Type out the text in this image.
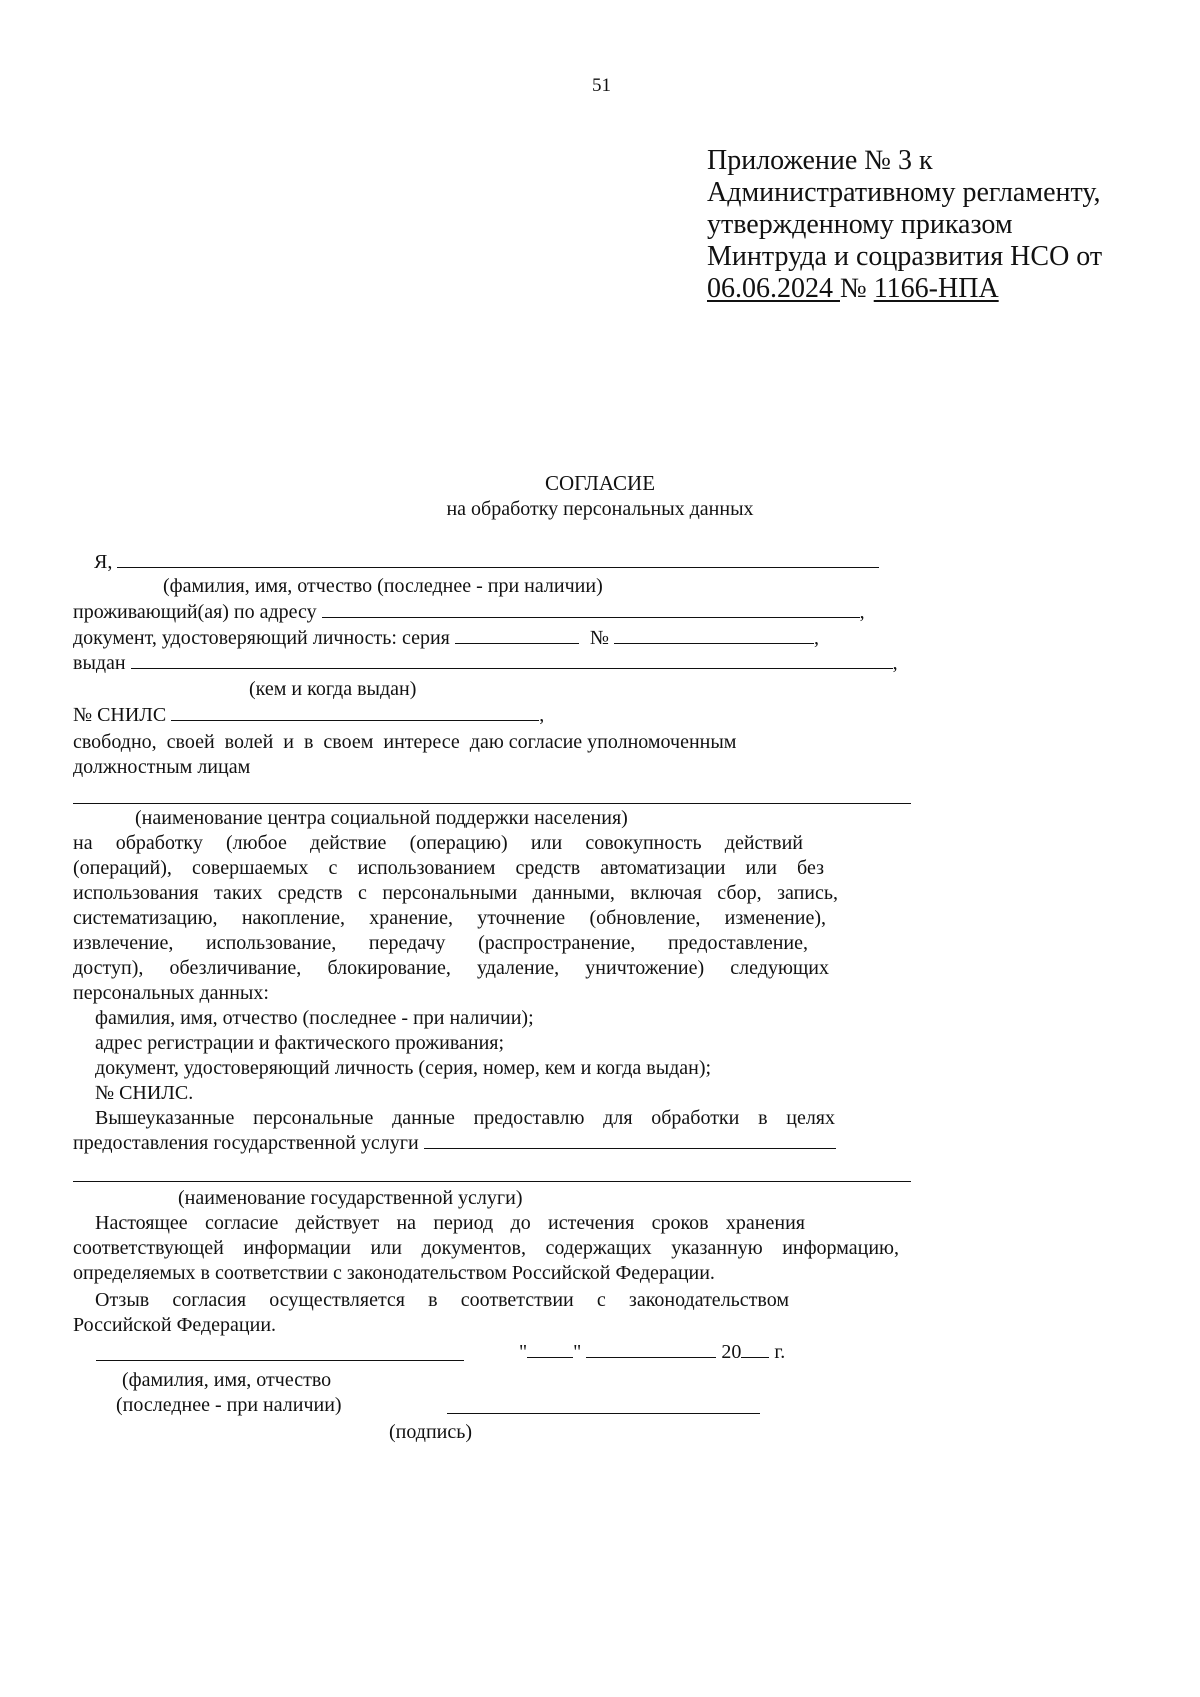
51
Приложение № 3 к
Административному регламенту,
утвержденному приказом
Минтруда и соцразвития НСО от
06.06.2024 № 1166-НПА
СОГЛАСИЕ
на обработку персональных данных
Я,
(фамилия, имя, отчество (последнее - при наличии)
проживающий(ая) по адресу	,
документ, удостоверяющий личность: серия	№	,
выдан	,
(кем и когда выдан)
№ СНИЛС	,
свободно,  своей  волей  и  в  своем  интересе  даю согласие уполномоченным
должностным лицам
(наименование центра социальной поддержки населения)
на обработку (любое действие (операцию) или совокупность действий
(операций), совершаемых с использованием средств автоматизации или без
использования таких средств с персональными данными, включая сбор, запись,
систематизацию, накопление, хранение, уточнение (обновление, изменение),
извлечение, использование, передачу (распространение, предоставление,
доступ), обезличивание, блокирование, удаление, уничтожение) следующих
персональных данных:
фамилия, имя, отчество (последнее - при наличии);
адрес регистрации и фактического проживания;
документ, удостоверяющий личность (серия, номер, кем и когда выдан);
№ СНИЛС.
Вышеуказанные персональные данные предоставлю для обработки в целях
предоставления государственной услуги
(наименование государственной услуги)
Настоящее согласие действует на период до истечения сроков хранения
соответствующей информации или документов, содержащих указанную информацию,
определяемых в соответствии с законодательством Российской Федерации.
Отзыв согласия осуществляется в соответствии с законодательством
Российской Федерации.
" "	20 г.
(фамилия, имя, отчество
(последнее - при наличии)
(подпись)
